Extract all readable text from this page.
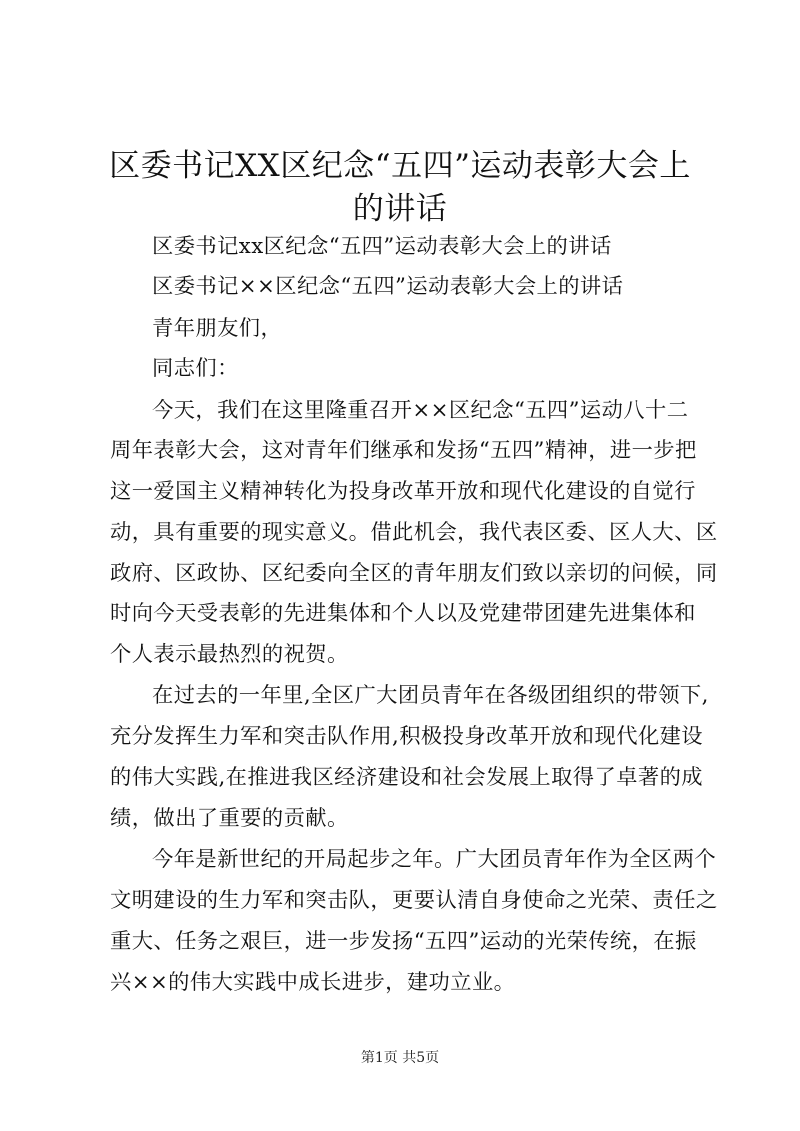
区委书记XX区纪念“五四”运动表彰大会上
的讲话
区委书记xx区纪念“五四”运动表彰大会上的讲话
区委书记××区纪念“五四”运动表彰大会上的讲话
青年朋友们，
同志们：
今天，我们在这里隆重召开××区纪念“五四”运动八十二
周年表彰大会，这对青年们继承和发扬“五四”精神，进一步把
这一爱国主义精神转化为投身改革开放和现代化建设的自觉行
动，具有重要的现实意义。借此机会，我代表区委、区人大、区
政府、区政协、区纪委向全区的青年朋友们致以亲切的问候，同
时向今天受表彰的先进集体和个人以及党建带团建先进集体和
个人表示最热烈的祝贺。
在过去的一年里,全区广大团员青年在各级团组织的带领下,
充分发挥生力军和突击队作用,积极投身改革开放和现代化建设
的伟大实践,在推进我区经济建设和社会发展上取得了卓著的成
绩，做出了重要的贡献。
今年是新世纪的开局起步之年。广大团员青年作为全区两个
文明建设的生力军和突击队，更要认清自身使命之光荣、责任之
重大、任务之艰巨，进一步发扬“五四”运动的光荣传统，在振
兴××的伟大实践中成长进步，建功立业。
第1页 共5页
